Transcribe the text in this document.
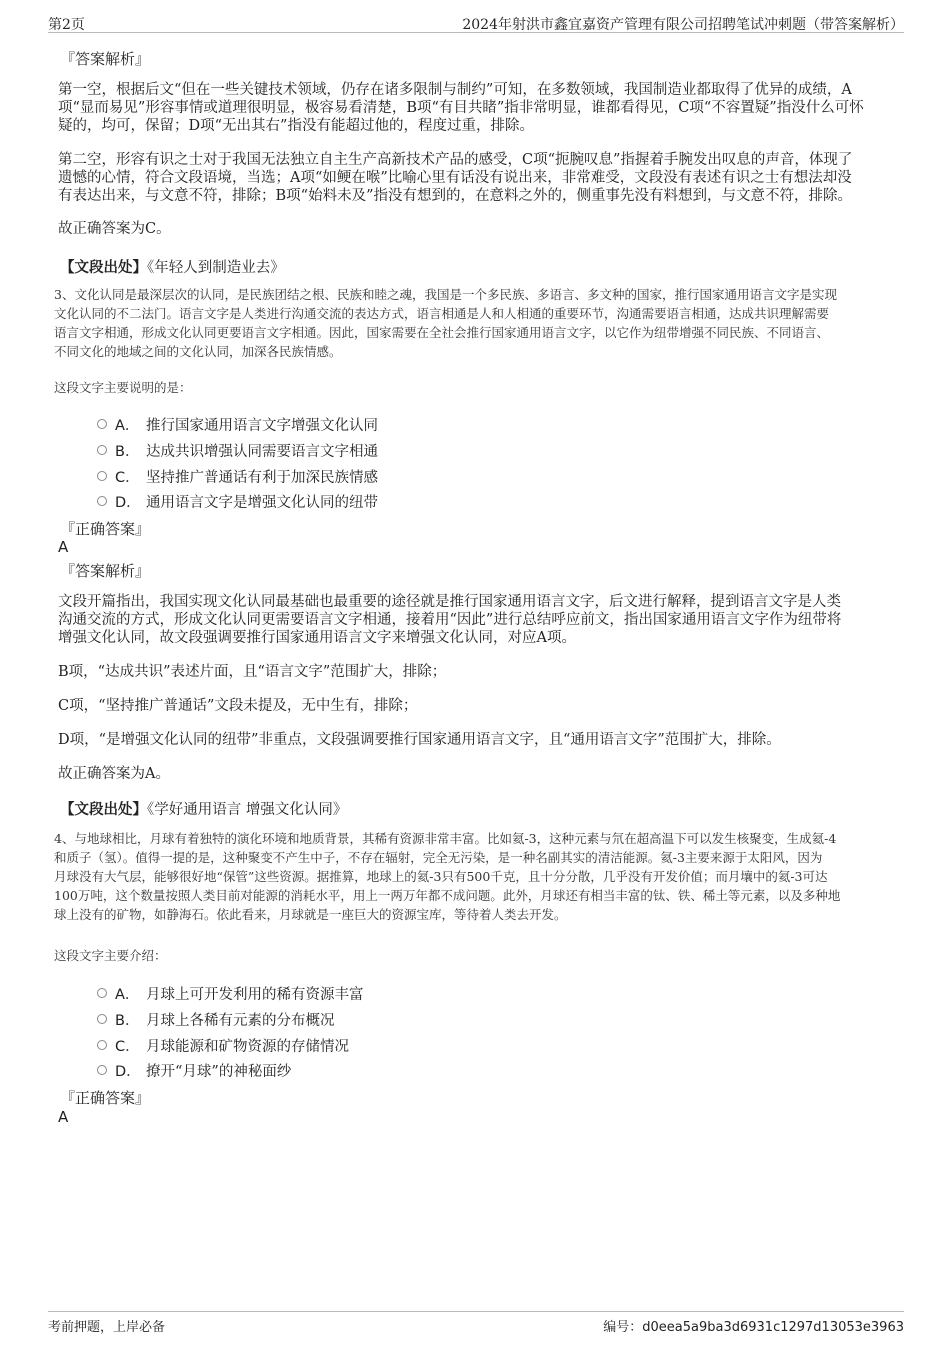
第2页	2024年射洪市鑫宜嘉资产管理有限公司招聘笔试冲刺题（带答案解析）
『答案解析』
第一空，根据后文“但在一些关键技术领域，仍存在诸多限制与制约”可知，在多数领域，我国制造业都取得了优异的成绩，A
项“显而易见”形容事情或道理很明显，极容易看清楚，B项“有目共睹”指非常明显，谁都看得见，C项“不容置疑”指没什么可怀
疑的，均可，保留；D项“无出其右”指没有能超过他的，程度过重，排除。
第二空，形容有识之士对于我国无法独立自主生产高新技术产品的感受，C项“扼腕叹息”指握着手腕发出叹息的声音，体现了
遗憾的心情，符合文段语境，当选；A项“如鲠在喉”比喻心里有话没有说出来，非常难受，文段没有表述有识之士有想法却没
有表达出来，与文意不符，排除；B项“始料未及”指没有想到的，在意料之外的，侧重事先没有料想到，与文意不符，排除。
故正确答案为C。
【文段出处】《年轻人到制造业去》
3、文化认同是最深层次的认同，是民族团结之根、民族和睦之魂，我国是一个多民族、多语言、多文种的国家，推行国家通用语言文字是实现
文化认同的不二法门。语言文字是人类进行沟通交流的表达方式，语言相通是人和人相通的重要环节，沟通需要语言相通，达成共识理解需要
语言文字相通，形成文化认同更要语言文字相通。因此，国家需要在全社会推行国家通用语言文字，以它作为纽带增强不同民族、不同语言、
不同文化的地域之间的文化认同，加深各民族情感。
这段文字主要说明的是：
A． 推行国家通用语言文字增强文化认同
B． 达成共识增强认同需要语言文字相通
C． 坚持推广普通话有利于加深民族情感
D． 通用语言文字是增强文化认同的纽带
『正确答案』
A
『答案解析』
文段开篇指出，我国实现文化认同最基础也最重要的途径就是推行国家通用语言文字，后文进行解释，提到语言文字是人类
沟通交流的方式，形成文化认同更需要语言文字相通，接着用“因此”进行总结呼应前文，指出国家通用语言文字作为纽带将
增强文化认同，故文段强调要推行国家通用语言文字来增强文化认同，对应A项。
B项，“达成共识”表述片面，且“语言文字”范围扩大，排除；
C项，“坚持推广普通话”文段未提及，无中生有，排除；
D项，“是增强文化认同的纽带”非重点，文段强调要推行国家通用语言文字，且“通用语言文字”范围扩大，排除。
故正确答案为A。
【文段出处】《学好通用语言 增强文化认同》
4、与地球相比，月球有着独特的演化环境和地质背景，其稀有资源非常丰富。比如氦-3，这种元素与氘在超高温下可以发生核聚变，生成氦-4
和质子（氢）。值得一提的是，这种聚变不产生中子，不存在辐射，完全无污染，是一种名副其实的清洁能源。氦-3主要来源于太阳风，因为
月球没有大气层，能够很好地“保管”这些资源。据推算，地球上的氦-3只有500千克，且十分分散，几乎没有开发价值；而月壤中的氦-3可达
100万吨，这个数量按照人类目前对能源的消耗水平，用上一两万年都不成问题。此外，月球还有相当丰富的钛、铁、稀土等元素，以及多种地
球上没有的矿物，如静海石。依此看来，月球就是一座巨大的资源宝库，等待着人类去开发。
这段文字主要介绍：
A． 月球上可开发利用的稀有资源丰富
B． 月球上各稀有元素的分布概况
C． 月球能源和矿物资源的存储情况
D． 撩开“月球”的神秘面纱
『正确答案』
A
考前押题，上岸必备	编号：d0eea5a9ba3d6931c1297d13053e3963
